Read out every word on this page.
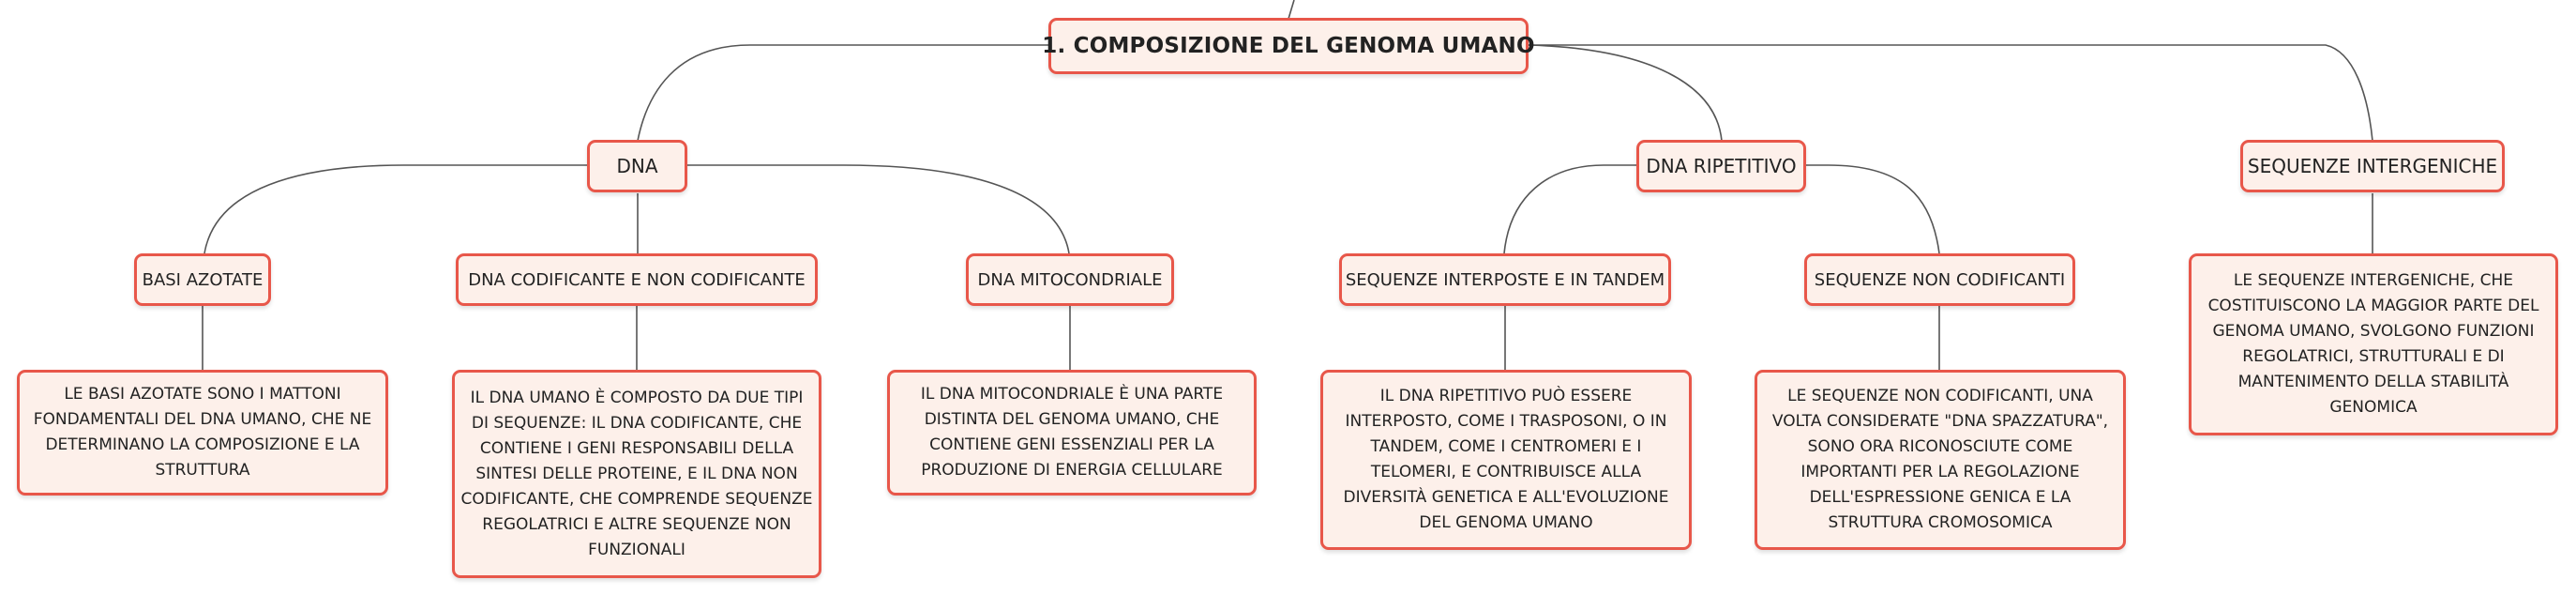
1. COMPOSIZIONE DEL GENOMA UMANO
DNA	DNA RIPETITIVO	SEQUENZE INTERGENICHE
BASI AZOTATE	DNA CODIFICANTE E NON CODIFICANTE	DNA MITOCONDRIALE	SEQUENZE INTERPOSTE E IN TANDEM	SEQUENZE NON CODIFICANTI
LE BASI AZOTATE SONO I MATTONI FONDAMENTALI DEL DNA UMANO, CHE NE DETERMINANO LA COMPOSIZIONE E LA STRUTTURA
IL DNA UMANO È COMPOSTO DA DUE TIPI DI SEQUENZE: IL DNA CODIFICANTE, CHE CONTIENE I GENI RESPONSABILI DELLA SINTESI DELLE PROTEINE, E IL DNA NON CODIFICANTE, CHE COMPRENDE SEQUENZE REGOLATRICI E ALTRE SEQUENZE NON FUNZIONALI
IL DNA MITOCONDRIALE È UNA PARTE DISTINTA DEL GENOMA UMANO, CHE CONTIENE GENI ESSENZIALI PER LA PRODUZIONE DI ENERGIA CELLULARE
IL DNA RIPETITIVO PUÒ ESSERE INTERPOSTO, COME I TRASPOSONI, O IN TANDEM, COME I CENTROMERI E I TELOMERI, E CONTRIBUISCE ALLA DIVERSITÀ GENETICA E ALL'EVOLUZIONE DEL GENOMA UMANO
LE SEQUENZE NON CODIFICANTI, UNA VOLTA CONSIDERATE "DNA SPAZZATURA", SONO ORA RICONOSCIUTE COME IMPORTANTI PER LA REGOLAZIONE DELL'ESPRESSIONE GENICA E LA STRUTTURA CROMOSOMICA
LE SEQUENZE INTERGENICHE, CHE COSTITUISCONO LA MAGGIOR PARTE DEL GENOMA UMANO, SVOLGONO FUNZIONI REGOLATRICI, STRUTTURALI E DI MANTENIMENTO DELLA STABILITÀ GENOMICA
